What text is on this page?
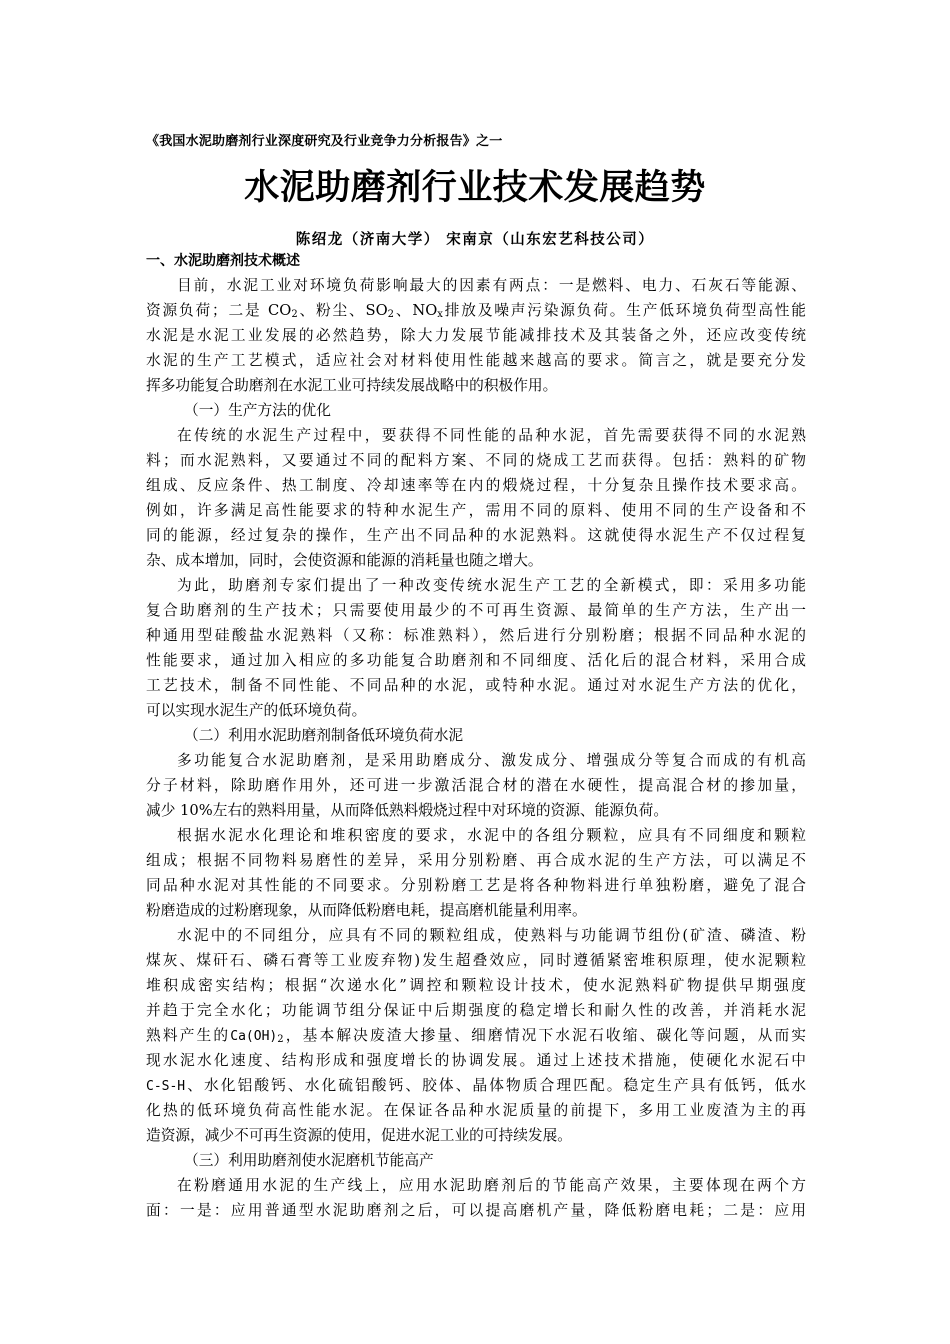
《我国水泥助磨剂行业深度研究及行业竞争力分析报告》之一
水泥助磨剂行业技术发展趋势
陈绍龙（济南大学） 宋南京（山东宏艺科技公司）
一、水泥助磨剂技术概述
目前，水泥工业对环境负荷影响最大的因素有两点：一是燃料、电力、石灰石等能源、
资源负荷；二是 $CO_2$、粉尘、$SO_2$、$NO_x$排放及噪声污染源负荷。生产低环境负荷型高性能
水泥是水泥工业发展的必然趋势，除大力发展节能减排技术及其装备之外，还应改变传统
水泥的生产工艺模式，适应社会对材料使用性能越来越高的要求。简言之，就是要充分发
挥多功能复合助磨剂在水泥工业可持续发展战略中的积极作用。
（一）生产方法的优化
在传统的水泥生产过程中，要获得不同性能的品种水泥，首先需要获得不同的水泥熟
料；而水泥熟料，又要通过不同的配料方案、不同的烧成工艺而获得。包括：熟料的矿物
组成、反应条件、热工制度、冷却速率等在内的煅烧过程，十分复杂且操作技术要求高。
例如，许多满足高性能要求的特种水泥生产，需用不同的原料、使用不同的生产设备和不
同的能源，经过复杂的操作，生产出不同品种的水泥熟料。这就使得水泥生产不仅过程复
杂、成本增加，同时，会使资源和能源的消耗量也随之增大。
为此，助磨剂专家们提出了一种改变传统水泥生产工艺的全新模式，即：采用多功能
复合助磨剂的生产技术；只需要使用最少的不可再生资源、最简单的生产方法，生产出一
种通用型硅酸盐水泥熟料（又称：标准熟料），然后进行分别粉磨；根据不同品种水泥的
性能要求，通过加入相应的多功能复合助磨剂和不同细度、活化后的混合材料，采用合成
工艺技术，制备不同性能、不同品种的水泥，或特种水泥。通过对水泥生产方法的优化，
可以实现水泥生产的低环境负荷。
（二）利用水泥助磨剂制备低环境负荷水泥
多功能复合水泥助磨剂，是采用助磨成分、激发成分、增强成分等复合而成的有机高
分子材料，除助磨作用外，还可进一步激活混合材的潜在水硬性，提高混合材的掺加量，
减少 10%左右的熟料用量，从而降低熟料煅烧过程中对环境的资源、能源负荷。
根据水泥水化理论和堆积密度的要求，水泥中的各组分颗粒，应具有不同细度和颗粒
组成；根据不同物料易磨性的差异，采用分别粉磨、再合成水泥的生产方法，可以满足不
同品种水泥对其性能的不同要求。分别粉磨工艺是将各种物料进行单独粉磨，避免了混合
粉磨造成的过粉磨现象，从而降低粉磨电耗，提高磨机能量利用率。
水泥中的不同组分，应具有不同的颗粒组成，使熟料与功能调节组份(矿渣、磷渣、粉
煤灰、煤矸石、磷石膏等工业废弃物)发生超叠效应，同时遵循紧密堆积原理，使水泥颗粒
堆积成密实结构；根据“次递水化”调控和颗粒设计技术，使水泥熟料矿物提供早期强度
并趋于完全水化；功能调节组分保证中后期强度的稳定增长和耐久性的改善，并消耗水泥
熟料产生的$Ca(OH)_2$，基本解决废渣大掺量、细磨情况下水泥石收缩、碳化等问题，从而实
现水泥水化速度、结构形成和强度增长的协调发展。通过上述技术措施，使硬化水泥石中
C-S-H、水化铝酸钙、水化硫铝酸钙、胶体、晶体物质合理匹配。稳定生产具有低钙，低水
化热的低环境负荷高性能水泥。在保证各品种水泥质量的前提下，多用工业废渣为主的再
造资源，减少不可再生资源的使用，促进水泥工业的可持续发展。
（三）利用助磨剂使水泥磨机节能高产
在粉磨通用水泥的生产线上，应用水泥助磨剂后的节能高产效果，主要体现在两个方
面：一是：应用普通型水泥助磨剂之后，可以提高磨机产量，降低粉磨电耗；二是：应用
